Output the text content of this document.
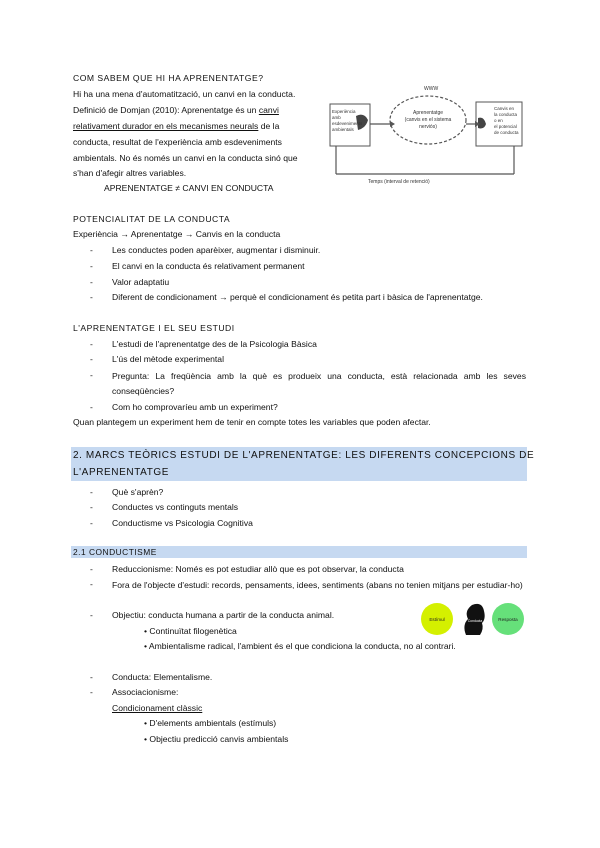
COM SABEM QUE HI HA APRENENTATGE?
Hi ha una mena d'automatització, un canvi en la conducta.
Definició de Domjan (2010): Aprenentatge és un canvi
relativament durador en els mecanismes neurals de la
conducta, resultat de l'experiència amb esdeveniments
ambientals. No és només un canvi en la conducta sinó que
s'han d'afegir altres variables.
APRENENTATGE ≠ CANVI EN CONDUCTA
WWW
Aprenentatge
(canvis en el sistema
nerviós)
Experiència
amb
esdeveniments
ambientals
Canvis en
la conducta
o en
el potencial
de conducta
Temps (interval de retenció)
POTENCIALITAT DE LA CONDUCTA
Experiència → Aprenentatge → Canvis en la conducta
- Les conductes poden aparèixer, augmentar i disminuir.
- El canvi en la conducta és relativament permanent
- Valor adaptatiu
- Diferent de condicionament → perquè el condicionament és petita part i bàsica de l'aprenentatge.
L'APRENENTATGE I EL SEU ESTUDI
- L'estudi de l'aprenentatge des de la Psicologia Bàsica
- L'ús del mètode experimental
- Pregunta: La freqüència amb la què es produeix una conducta, està relacionada amb les seves conseqüències?
- Com ho comprovaríeu amb un experiment?
Quan plantegem un experiment hem de tenir en compte totes les variables que poden afectar.
2. MARCS TEÒRICS ESTUDI DE L'APRENENTATGE: LES DIFERENTS CONCEPCIONS DE
L'APRENENTATGE
- Què s'aprèn?
- Conductes vs continguts mentals
- Conductisme vs Psicologia Cognitiva
2.1 CONDUCTISME
- Reduccionisme: Només es pot estudiar allò que es pot observar, la conducta
- Fora de l'objecte d'estudi: records, pensaments, idees, sentiments (abans no tenien mitjans per estudiar-ho)
- Objectiu: conducta humana a partir de la conducta animal.
• Continuïtat filogenètica
• Ambientalisme radical, l'ambient és el que condiciona la conducta, no al contrari.
Estímul	Resposta
Conducta
- Conducta: Elementalisme.
- Associacionisme:
Condicionament clàssic
• D'elements ambientals (estímuls)
• Objectiu predicció canvis ambientals
